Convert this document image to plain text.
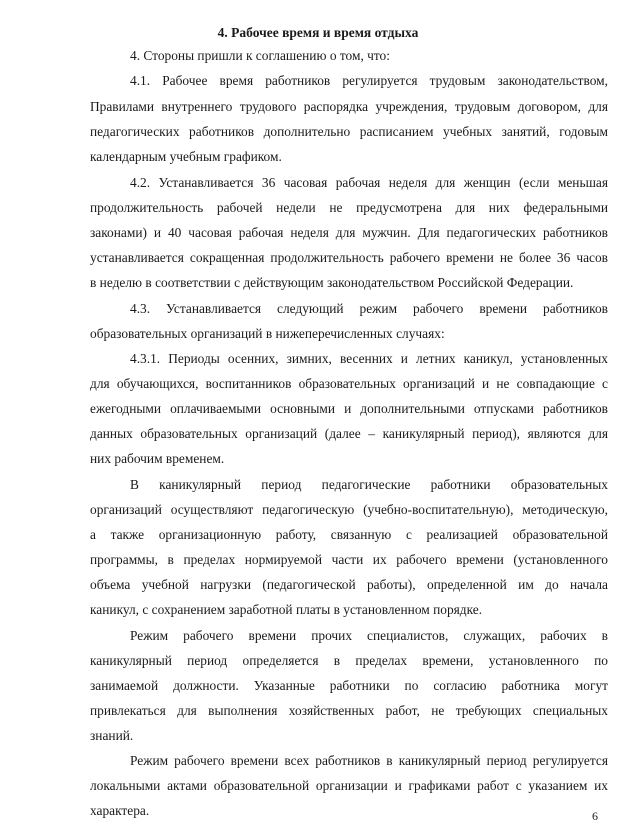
4. Рабочее время и время отдыха
4. Стороны пришли к соглашению о том, что:
4.1. Рабочее время работников регулируется трудовым законодательством,
Правилами внутреннего трудового распорядка учреждения, трудовым договором, для
педагогических работников дополнительно расписанием учебных занятий, годовым
календарным учебным графиком.
4.2. Устанавливается 36 часовая рабочая неделя для женщин (если меньшая
продолжительность рабочей недели не предусмотрена для них федеральными
законами) и 40 часовая рабочая неделя для мужчин. Для педагогических работников
устанавливается сокращенная продолжительность рабочего времени не более 36 часов
в неделю в соответствии с действующим законодательством Российской Федерации.
4.3. Устанавливается следующий режим рабочего времени работников
образовательных организаций в нижеперечисленных случаях:
4.3.1. Периоды осенних, зимних, весенних и летних каникул, установленных
для обучающихся, воспитанников образовательных организаций и не совпадающие с
ежегодными оплачиваемыми основными и дополнительными отпусками работников
данных образовательных организаций (далее – каникулярный период), являются для
них рабочим временем.
В каникулярный период педагогические работники образовательных
организаций осуществляют педагогическую (учебно-воспитательную), методическую,
а также организационную работу, связанную с реализацией образовательной
программы, в пределах нормируемой части их рабочего времени (установленного
объема учебной нагрузки (педагогической работы), определенной им до начала
каникул, с сохранением заработной платы в установленном порядке.
Режим рабочего времени прочих специалистов, служащих, рабочих в
каникулярный период определяется в пределах времени, установленного по
занимаемой должности. Указанные работники по согласию работника могут
привлекаться для выполнения хозяйственных работ, не требующих специальных
знаний.
Режим рабочего времени всех работников в каникулярный период регулируется
локальными актами образовательной организации и графиками работ с указанием их
характера.	6
